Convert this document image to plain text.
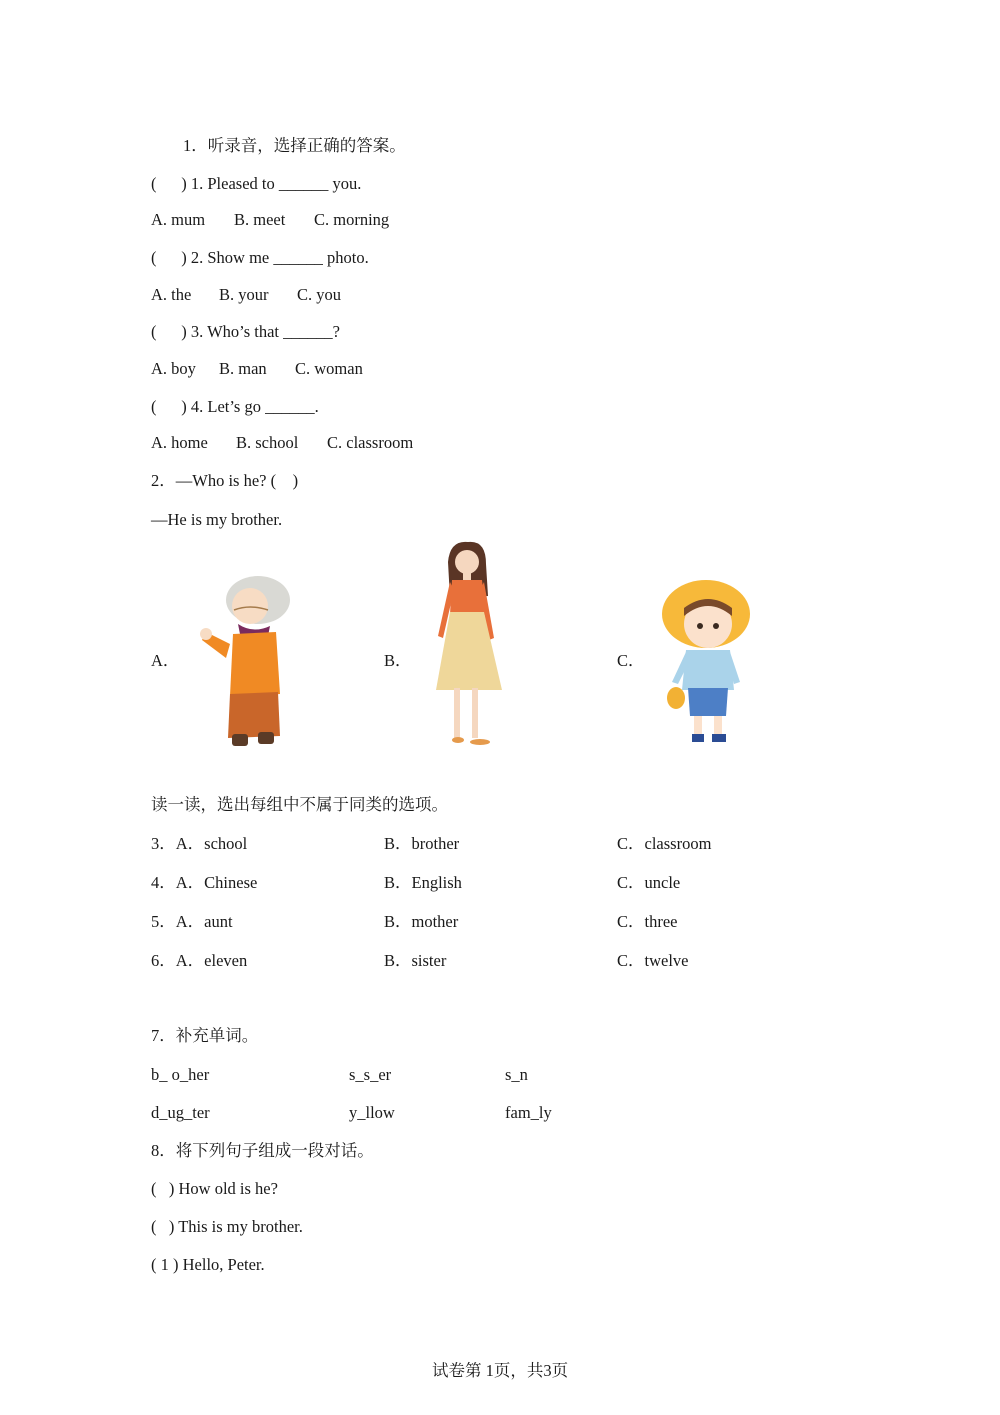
1．听录音，选择正确的答案。
(      ) 1. Pleased to ______ you.
A. mum B. meet C. morning
(      ) 2. Show me ______ photo.
A. the B. your C. you
(      ) 3. Who’s that ______?
A. boy B. man C. woman
(      ) 4. Let’s go ______.
A. home B. school C. classroom
2．—Who is he? (    )
—He is my brother.
A．	B．	C．
读一读，选出每组中不属于同类的选项。
3．A．school	B．brother	C．classroom
4．A．Chinese	B．English	C．uncle
5．A．aunt	B．mother	C．three
6．A．eleven	B．sister	C．twelve
7．补充单词。
b_ o_her	s_s_er	s_n
d_ug_ter	y_llow	fam_ly
8．将下列句子组成一段对话。
(   ) How old is he?
(   ) This is my brother.
( 1 ) Hello, Peter.
试卷第 1页，共3页
